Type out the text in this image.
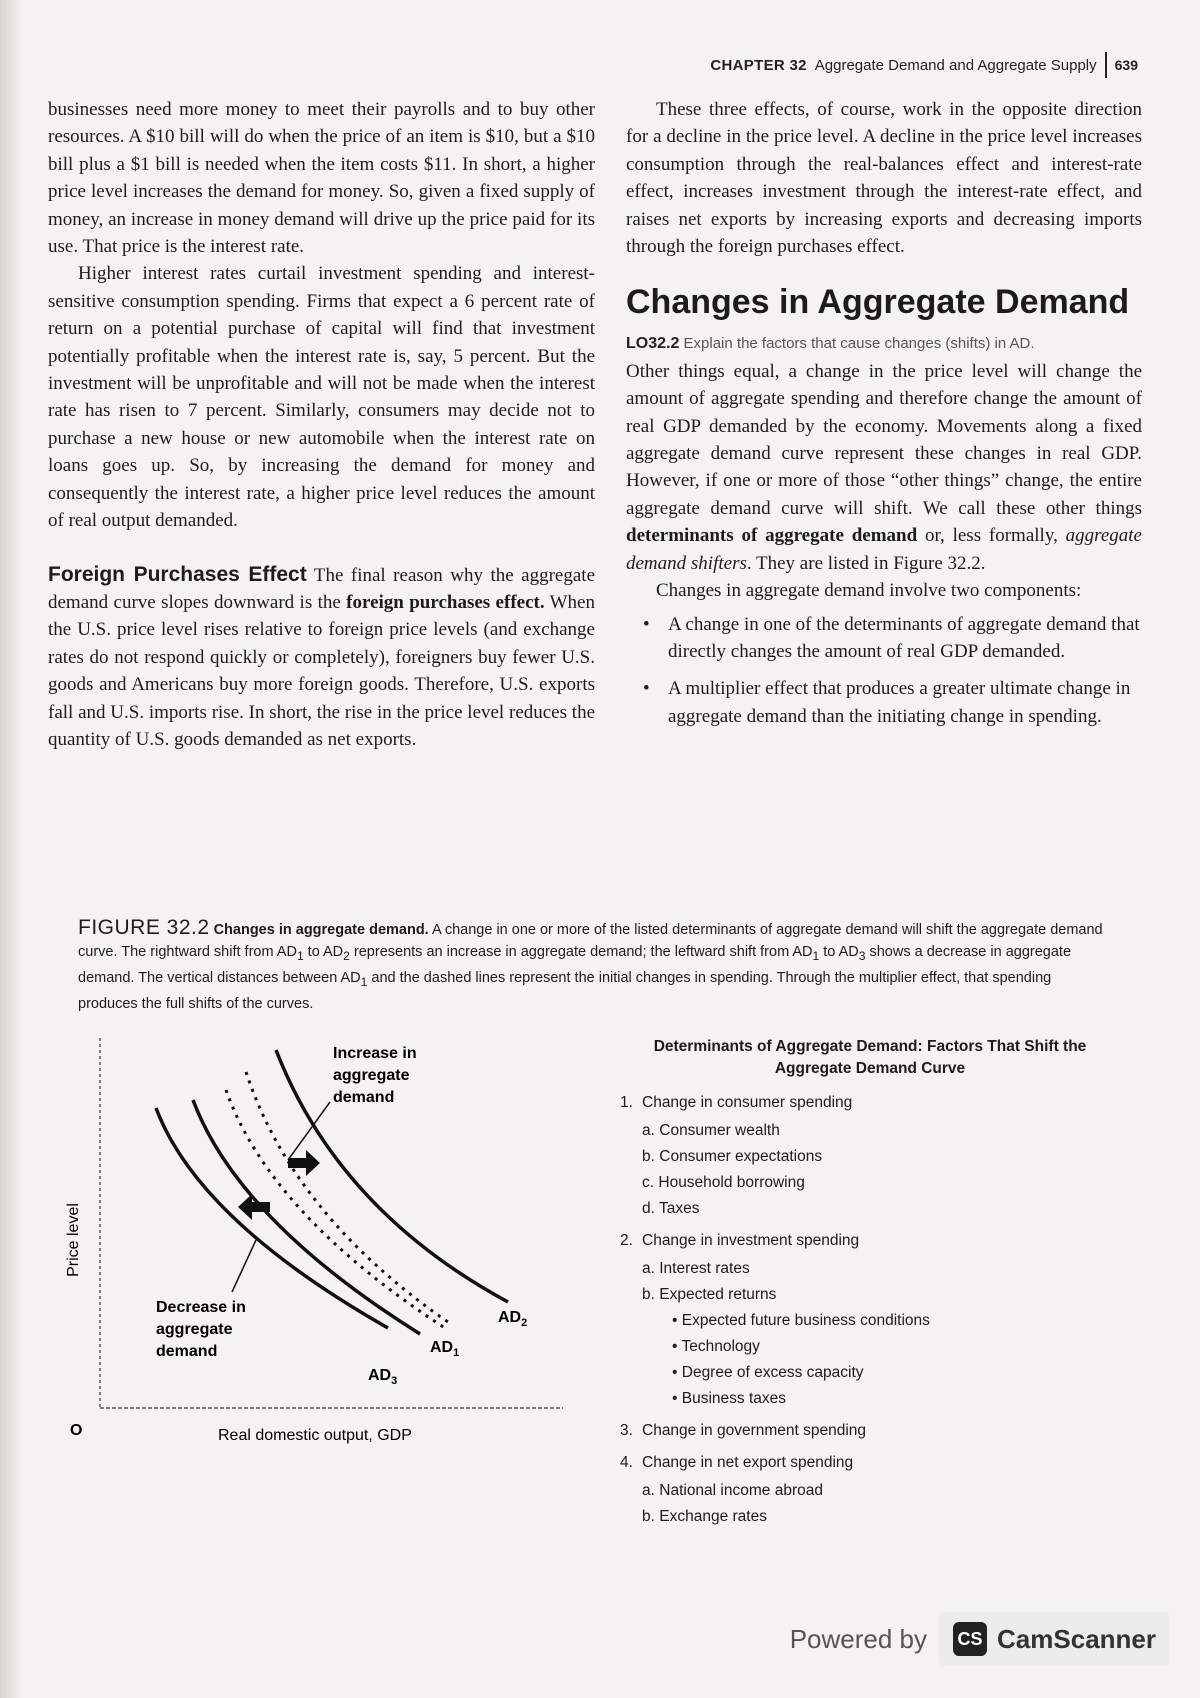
CHAPTER 32 Aggregate Demand and Aggregate Supply 639

businesses need more money to meet their payrolls and to buy other resources. A $10 bill will do when the price of an item is $10, but a $10 bill plus a $1 bill is needed when the item costs $11. In short, a higher price level increases the demand for money. So, given a fixed supply of money, an increase in money demand will drive up the price paid for its use. That price is the interest rate.

Higher interest rates curtail investment spending and interest-sensitive consumption spending. Firms that expect a 6 percent rate of return on a potential purchase of capital will find that investment potentially profitable when the interest rate is, say, 5 percent. But the investment will be unprofitable and will not be made when the interest rate has risen to 7 percent. Similarly, consumers may decide not to purchase a new house or new automobile when the interest rate on loans goes up. So, by increasing the demand for money and consequently the interest rate, a higher price level reduces the amount of real output demanded.

Foreign Purchases Effect The final reason why the aggregate demand curve slopes downward is the foreign purchases effect. When the U.S. price level rises relative to foreign price levels (and exchange rates do not respond quickly or completely), foreigners buy fewer U.S. goods and Americans buy more foreign goods. Therefore, U.S. exports fall and U.S. imports rise. In short, the rise in the price level reduces the quantity of U.S. goods demanded as net exports.

These three effects, of course, work in the opposite direction for a decline in the price level. A decline in the price level increases consumption through the real-balances effect and interest-rate effect, increases investment through the interest-rate effect, and raises net exports by increasing exports and decreasing imports through the foreign purchases effect.

Changes in Aggregate Demand

LO32.2 Explain the factors that cause changes (shifts) in AD.

Other things equal, a change in the price level will change the amount of aggregate spending and therefore change the amount of real GDP demanded by the economy. Movements along a fixed aggregate demand curve represent these changes in real GDP. However, if one or more of those “other things” change, the entire aggregate demand curve will shift. We call these other things determinants of aggregate demand or, less formally, aggregate demand shifters. They are listed in Figure 32.2.

Changes in aggregate demand involve two components:

• A change in one of the determinants of aggregate demand that directly changes the amount of real GDP demanded.
• A multiplier effect that produces a greater ultimate change in aggregate demand than the initiating change in spending.
FIGURE 32.2 Changes in aggregate demand. A change in one or more of the listed determinants of aggregate demand will shift the aggregate demand curve. The rightward shift from $AD_1$ to $AD_2$ represents an increase in aggregate demand; the leftward shift from $AD_1$ to $AD_3$ shows a decrease in aggregate demand. The vertical distances between $AD_1$ and the dashed lines represent the initial changes in spending. Through the multiplier effect, that spending produces the full shifts of the curves.
Price level
O	Real domestic output, GDP
Increase in
aggregate
demand
Decrease in
aggregate
demand
$AD_2$
$AD_1$
$AD_3$
Determinants of Aggregate Demand: Factors That Shift the Aggregate Demand Curve
1. Change in consumer spending
a. Consumer wealth
b. Consumer expectations
c. Household borrowing
d. Taxes
2. Change in investment spending
a. Interest rates
b. Expected returns
• Expected future business conditions
• Technology
• Degree of excess capacity
• Business taxes
3. Change in government spending
4. Change in net export spending
a. National income abroad
b. Exchange rates
Powered by CS CamScanner
